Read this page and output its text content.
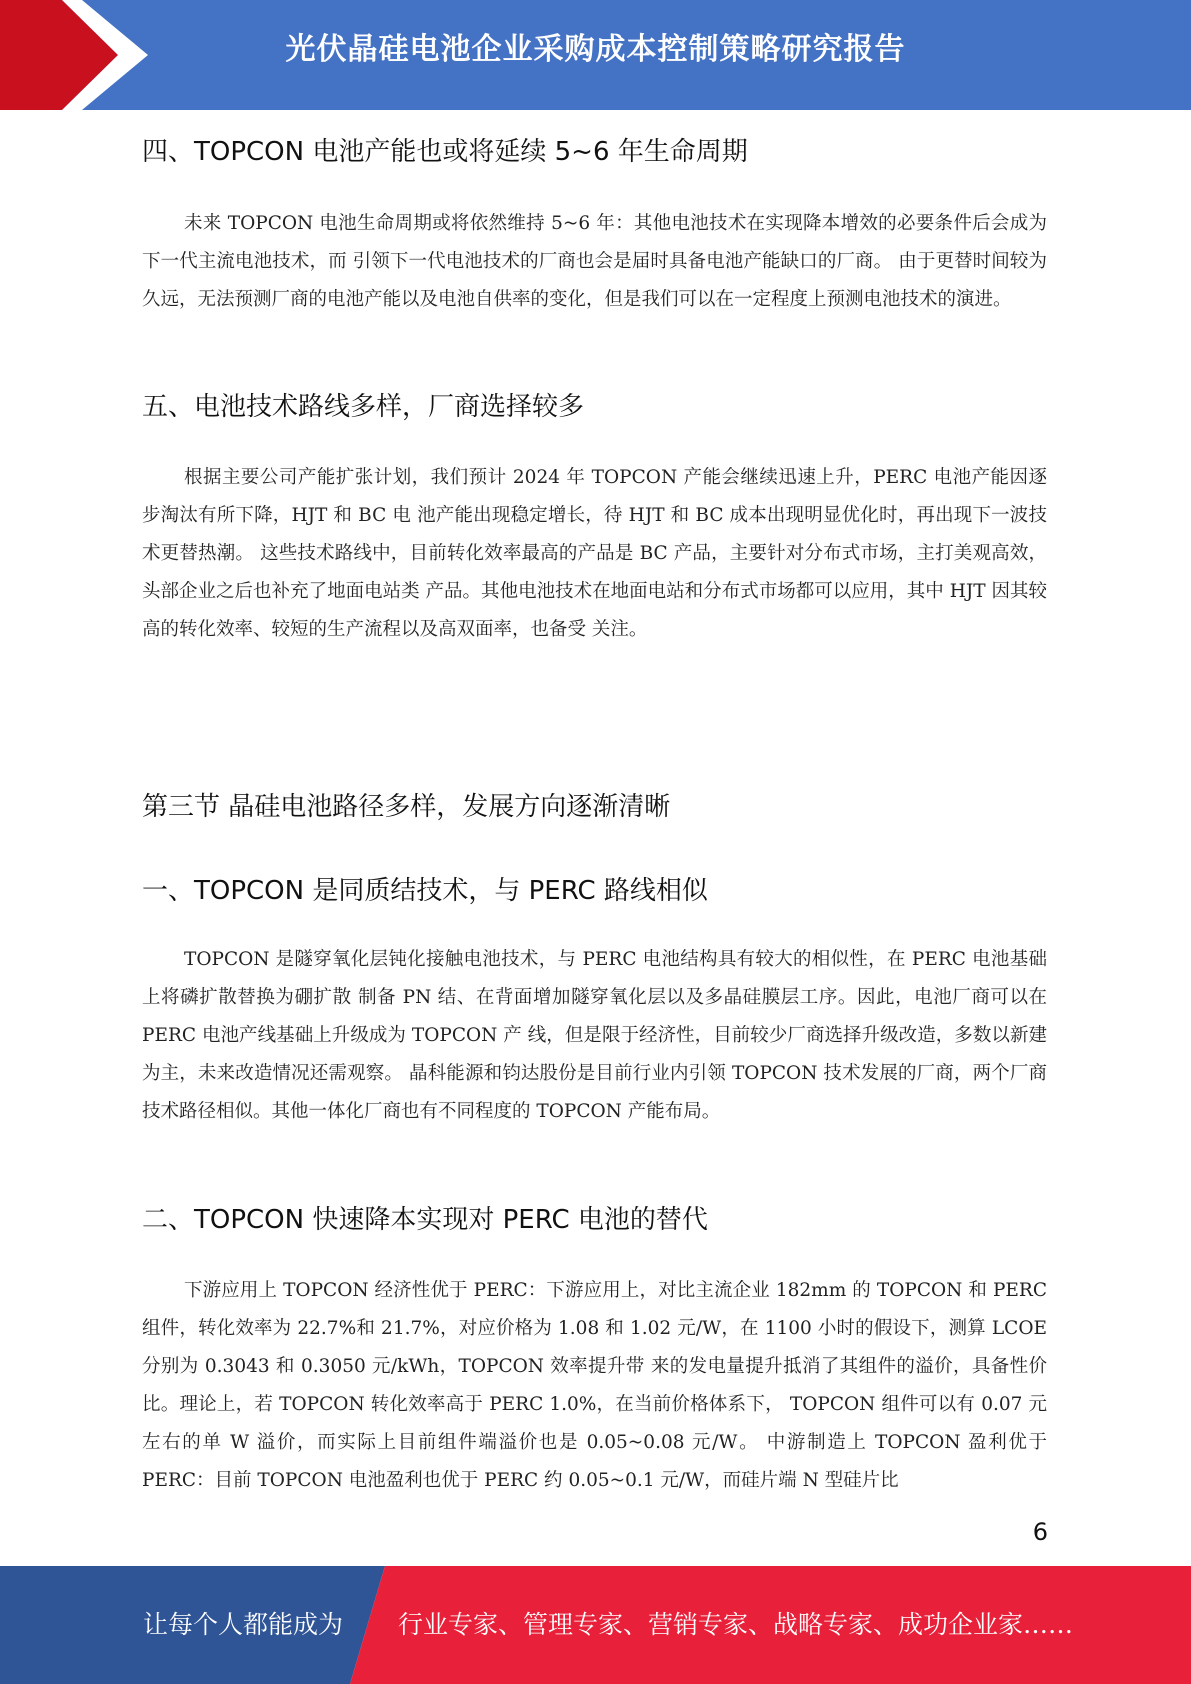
光伏晶硅电池企业采购成本控制策略研究报告
四、TOPCON 电池产能也或将延续 5~6 年生命周期

未来 TOPCON 电池生命周期或将依然维持 5~6 年：其他电池技术在实现降本增效的必要条件后会成为下一代主流电池技术，而 引领下一代电池技术的厂商也会是届时具备电池产能缺口的厂商。 由于更替时间较为久远，无法预测厂商的电池产能以及电池自供率的变化，但是我们可以在一定程度上预测电池技术的演进。

五、电池技术路线多样，厂商选择较多

根据主要公司产能扩张计划，我们预计 2024 年 TOPCON 产能会继续迅速上升，PERC 电池产能因逐步淘汰有所下降，HJT 和 BC 电 池产能出现稳定增长，待 HJT 和 BC 成本出现明显优化时，再出现下一波技术更替热潮。 这些技术路线中，目前转化效率最高的产品是 BC 产品，主要针对分布式市场，主打美观高效，头部企业之后也补充了地面电站类 产品。其他电池技术在地面电站和分布式市场都可以应用，其中 HJT 因其较高的转化效率、较短的生产流程以及高双面率，也备受 关注。

第三节 晶硅电池路径多样，发展方向逐渐清晰
一、TOPCON 是同质结技术，与 PERC 路线相似

TOPCON 是隧穿氧化层钝化接触电池技术，与 PERC 电池结构具有较大的相似性，在 PERC 电池基础上将磷扩散替换为硼扩散 制备 PN 结、在背面增加隧穿氧化层以及多晶硅膜层工序。因此，电池厂商可以在 PERC 电池产线基础上升级成为 TOPCON 产 线，但是限于经济性，目前较少厂商选择升级改造，多数以新建为主，未来改造情况还需观察。 晶科能源和钧达股份是目前行业内引领 TOPCON 技术发展的厂商，两个厂商技术路径相似。其他一体化厂商也有不同程度的 TOPCON 产能布局。

二、TOPCON 快速降本实现对 PERC 电池的替代

下游应用上 TOPCON 经济性优于 PERC：下游应用上，对比主流企业 182mm 的 TOPCON 和 PERC 组件，转化效率为 22.7%和 21.7%，对应价格为 1.08 和 1.02 元/W，在 1100 小时的假设下，测算 LCOE 分别为 0.3043 和 0.3050 元/kWh，TOPCON 效率提升带 来的发电量提升抵消了其组件的溢价，具备性价比。理论上，若 TOPCON 转化效率高于 PERC 1.0%，在当前价格体系下， TOPCON 组件可以有 0.07 元左右的单 W 溢价，而实际上目前组件端溢价也是 0.05~0.08 元/W。 中游制造上 TOPCON 盈利优于 PERC：目前 TOPCON 电池盈利也优于 PERC 约 0.05~0.1 元/W，而硅片端 N 型硅片比

6
让每个人都能成为 行业专家、管理专家、营销专家、战略专家、成功企业家……
